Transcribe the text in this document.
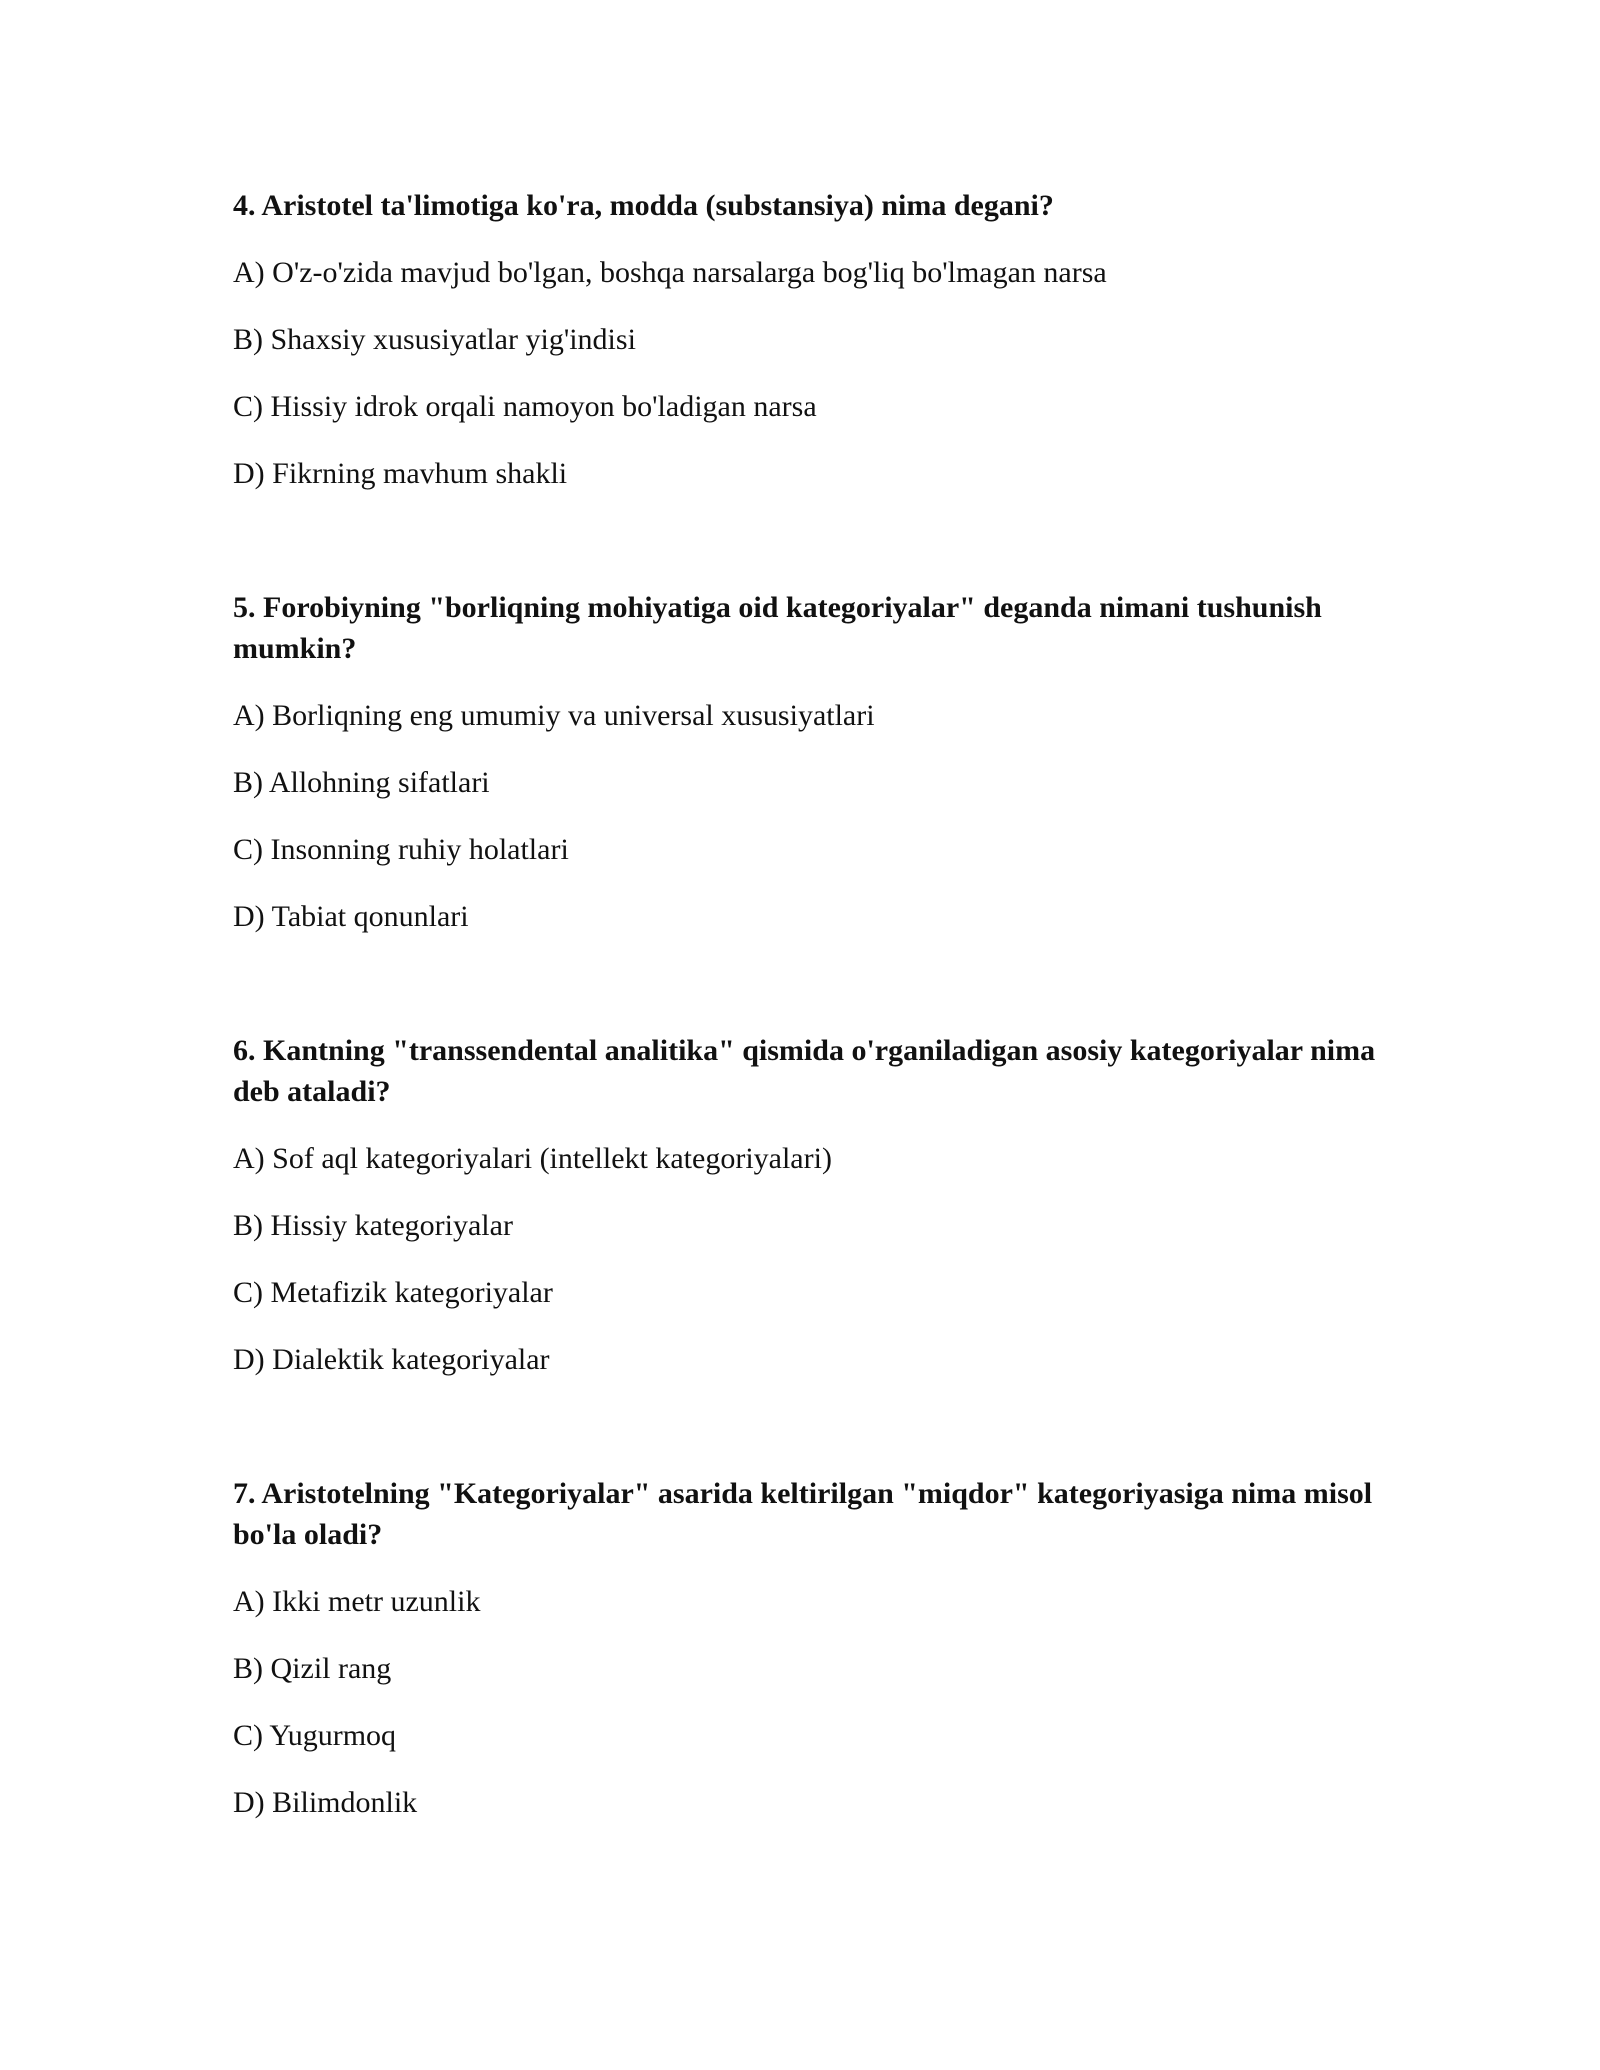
4. Aristotel ta'limotiga ko'ra, modda (substansiya) nima degani?

A) O'z-o'zida mavjud bo'lgan, boshqa narsalarga bog'liq bo'lmagan narsa
B) Shaxsiy xususiyatlar yig'indisi
C) Hissiy idrok orqali namoyon bo'ladigan narsa
D) Fikrning mavhum shakli

5. Forobiyning "borliqning mohiyatiga oid kategoriyalar" deganda nimani tushunish mumkin?

A) Borliqning eng umumiy va universal xususiyatlari
B) Allohning sifatlari
C) Insonning ruhiy holatlari
D) Tabiat qonunlari

6. Kantning "transsendental analitika" qismida o'rganiladigan asosiy kategoriyalar nima deb ataladi?

A) Sof aql kategoriyalari (intellekt kategoriyalari)
B) Hissiy kategoriyalar
C) Metafizik kategoriyalar
D) Dialektik kategoriyalar

7. Aristotelning "Kategoriyalar" asarida keltirilgan "miqdor" kategoriyasiga nima misol bo'la oladi?

A) Ikki metr uzunlik
B) Qizil rang
C) Yugurmoq
D) Bilimdonlik
